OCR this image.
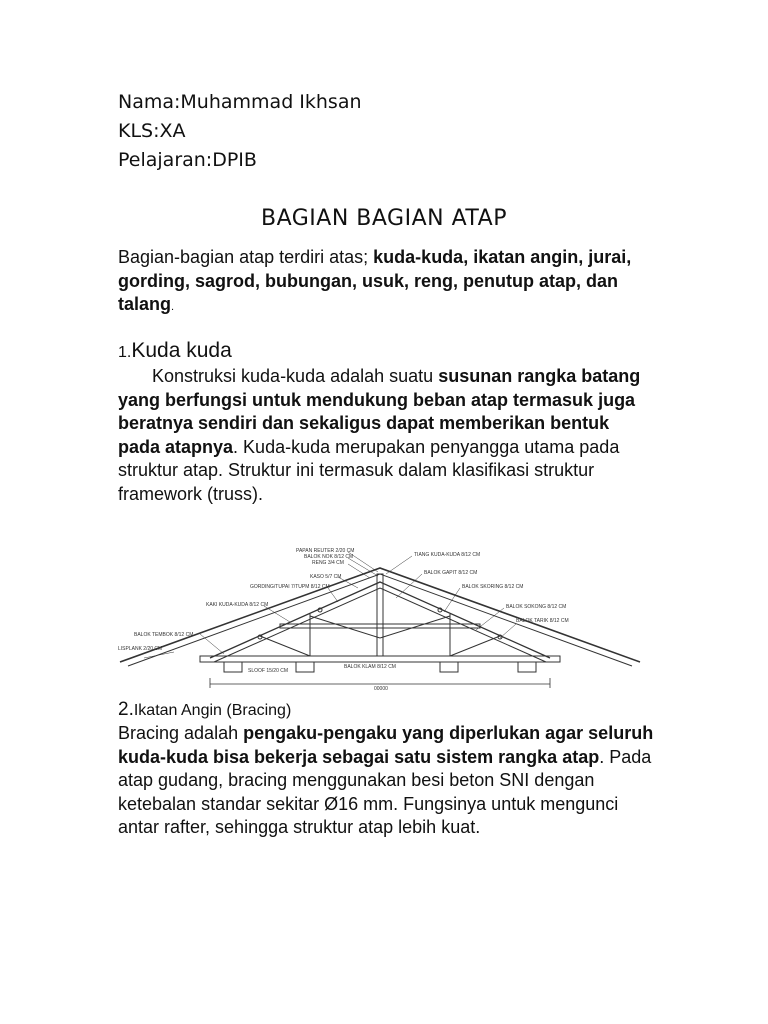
Nama:Muhammad Ikhsan
KLS:XA
Pelajaran:DPIB
BAGIAN BAGIAN ATAP
Bagian-bagian atap terdiri atas; kuda-kuda, ikatan angin, jurai, gording, sagrod, bubungan, usuk, reng, penutup atap, dan talang.
1.Kuda kuda
Konstruksi kuda-kuda adalah suatu susunan rangka batang yang berfungsi untuk mendukung beban atap termasuk juga beratnya sendiri dan sekaligus dapat memberikan bentuk pada atapnya. Kuda-kuda merupakan penyangga utama pada struktur atap. Struktur ini termasuk dalam klasifikasi struktur framework (truss).
PAPAN REUTER 2/20 CM
BALOK NOK 8/12 CM
RENG 3/4 CM
KASO 5/7 CM
GORDING/TUPAI 7/TUPM 8/12 CM
KAKI KUDA-KUDA 8/12 CM
BALOK TEMBOK 8/12 CM
LISPLANK 2/20 CM
SLOOF 15/20 CM
BALOK KLAM 8/12 CM
TIANG KUDA-KUDA 8/12 CM
BALOK GAPIT 8/12 CM
BALOK SKORING 8/12 CM
BALOK SOKONG 8/12 CM
BALOK TARIK 8/12 CM
00000
2.Ikatan Angin (Bracing)
Bracing adalah pengaku-pengaku yang diperlukan agar seluruh kuda-kuda bisa bekerja sebagai satu sistem rangka atap. Pada atap gudang, bracing menggunakan besi beton SNI dengan ketebalan standar sekitar Ø16 mm. Fungsinya untuk mengunci antar rafter, sehingga struktur atap lebih kuat.
